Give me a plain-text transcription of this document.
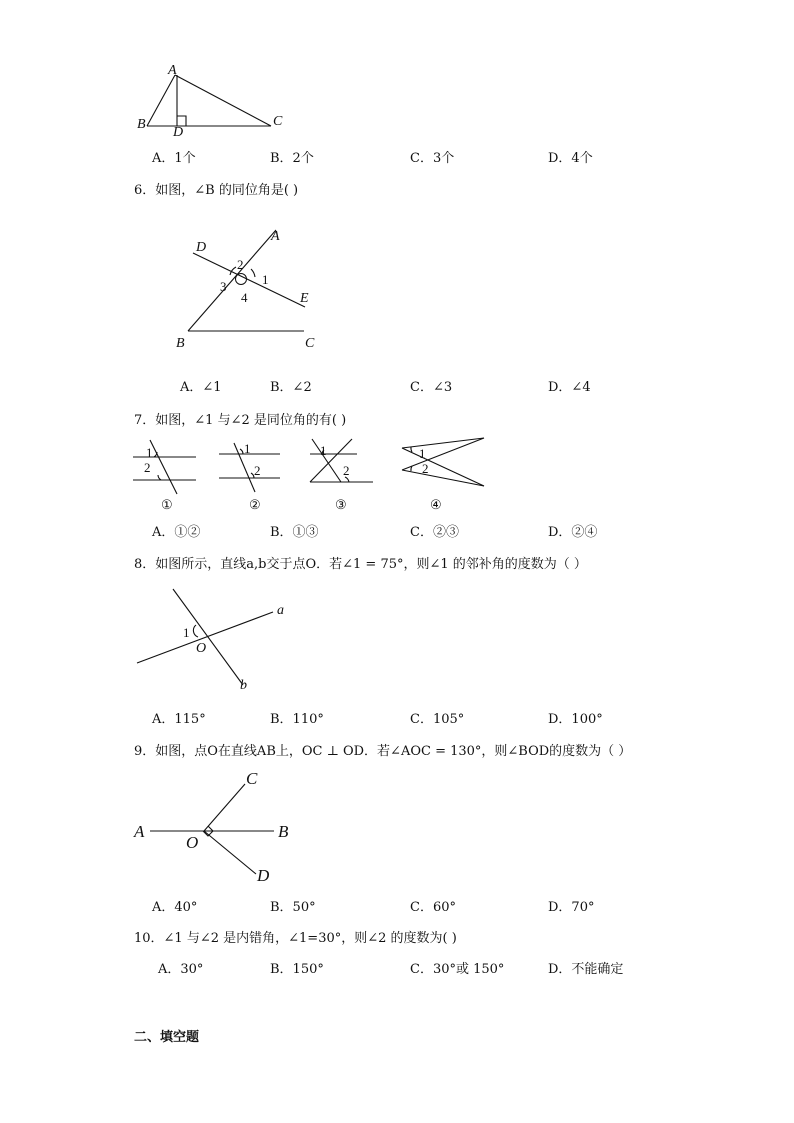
A
B
D
C
A．1个	B．2个	C．3个	D．4个
6．如图，∠B 的同位角是( )
D
A
2
1
3
4	E
B	C
A．∠1	B．∠2	C．∠3	D．∠4
7．如图，∠1 与∠2 是同位角的有( )
1
2
①
1
2
②
1
2
③
1
2
④
A．①②	B．①③	C．②③	D．②④
8．如图所示，直线a,b交于点O．若∠1 = 75°，则∠1 的邻补角的度数为（ ）
a
1
O
b
A．115°	B．110°	C．105°	D．100°
9．如图，点O在直线AB上，OC ⊥ OD．若∠AOC = 130°，则∠BOD的度数为（ ）
C
A	B
O
D
A．40°	B．50°	C．60°	D．70°
10．∠1 与∠2 是内错角，∠1=30°，则∠2 的度数为( )
A．30°	B．150°	C．30°或 150°	D．不能确定
二、填空题
